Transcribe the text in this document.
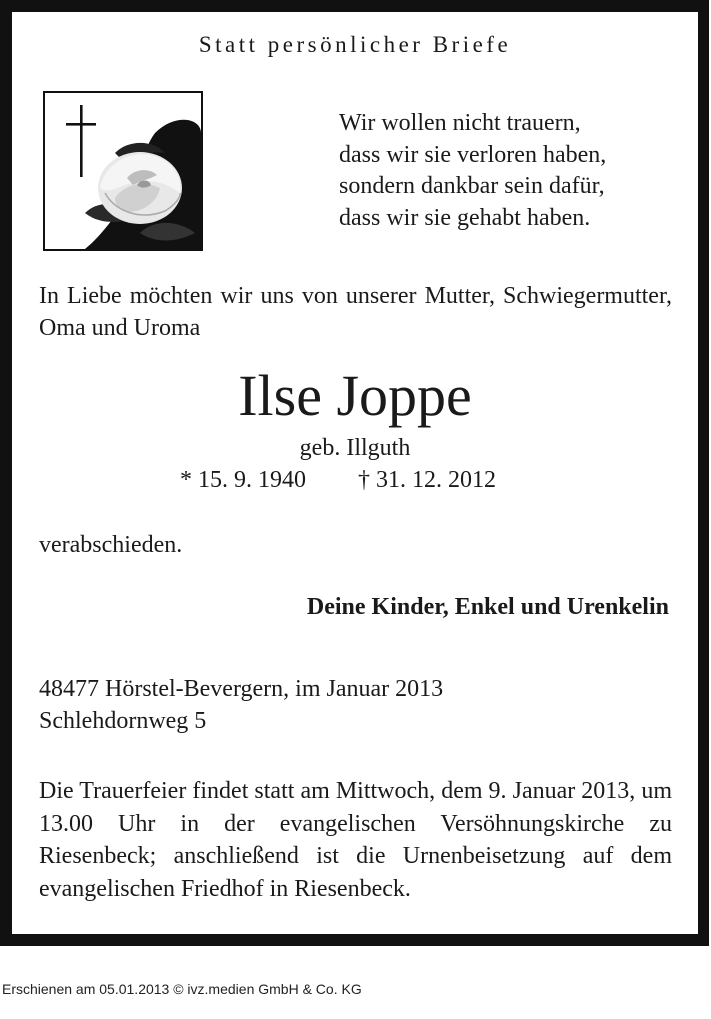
Statt persönlicher Briefe
Wir wollen nicht trauern,
dass wir sie verloren haben,
sondern dankbar sein dafür,
dass wir sie gehabt haben.
In Liebe möchten wir uns von unserer Mutter, Schwiegermutter, Oma und Uroma
Ilse Joppe
geb. Illguth
* 15. 9. 1940 † 31. 12. 2012
verabschieden.
Deine Kinder, Enkel und Urenkelin
48477 Hörstel-Bevergern, im Januar 2013
Schlehdornweg 5
Die Trauerfeier findet statt am Mittwoch, dem 9. Januar 2013, um 13.00 Uhr in der evangelischen Versöhnungskirche zu Riesenbeck; anschließend ist die Urnenbeisetzung auf dem evangelischen Friedhof in Riesenbeck.
Erschienen am 05.01.2013 © ivz.medien GmbH & Co. KG
